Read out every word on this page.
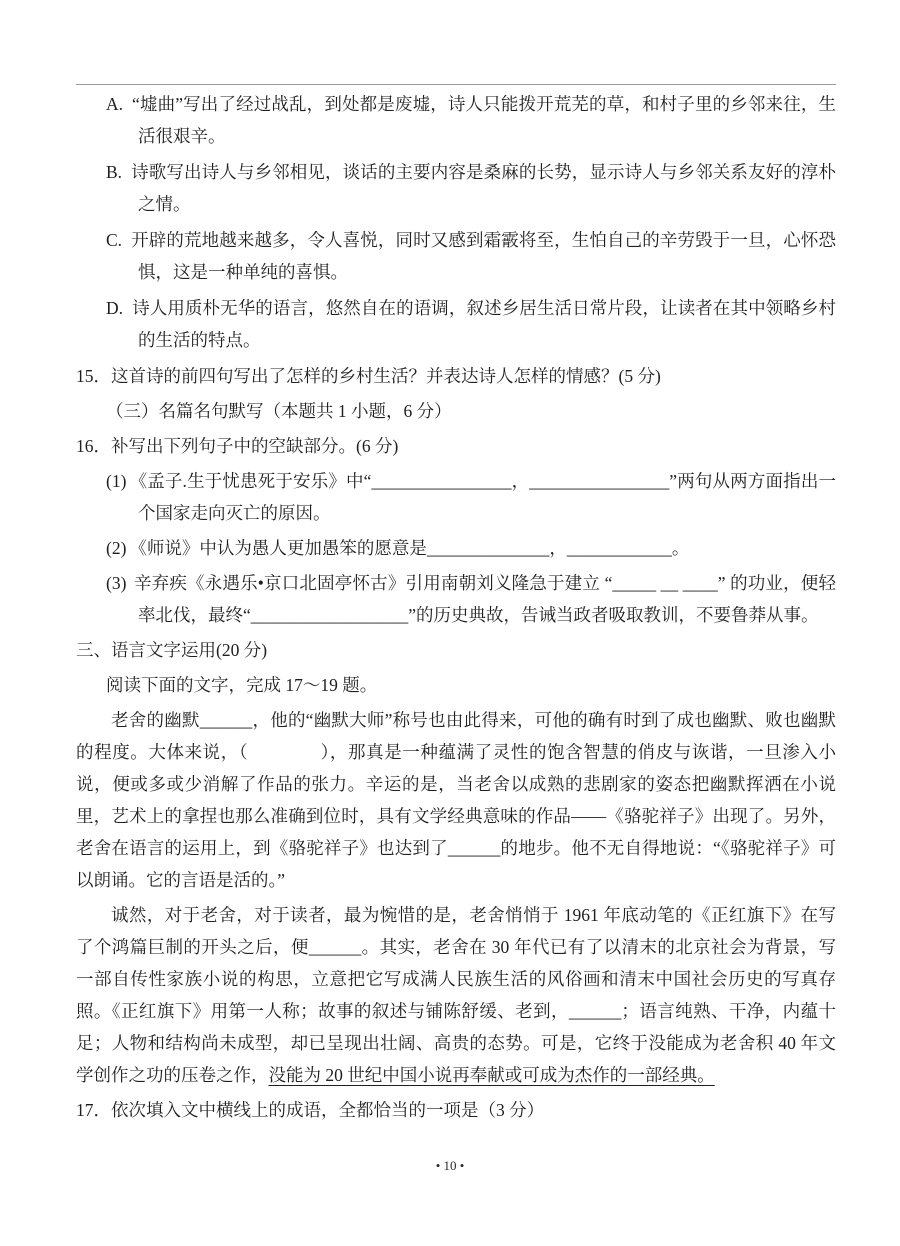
A. “墟曲”写出了经过战乱，到处都是废墟，诗人只能拨开荒芜的草，和村子里的乡邻来往，生活很艰辛。
B. 诗歌写出诗人与乡邻相见，谈话的主要内容是桑麻的长势，显示诗人与乡邻关系友好的淳朴之情。
C. 开辟的荒地越来越多，令人喜悦，同时又感到霜霰将至，生怕自己的辛劳毁于一旦，心怀恐惧，这是一种单纯的喜惧。
D. 诗人用质朴无华的语言，悠然自在的语调，叙述乡居生活日常片段，让读者在其中领略乡村的生活的特点。
15．这首诗的前四句写出了怎样的乡村生活？并表达诗人怎样的情感？(5 分)
（三）名篇名句默写（本题共 1 小题，6 分）
16．补写出下列句子中的空缺部分。(6 分)
(1) 《孟子.生于忧患死于安乐》中“________________，________________”两句从两方面指出一个国家走向灭亡的原因。
(2) 《师说》中认为愚人更加愚笨的愿意是______________，____________。
(3) 辛弃疾《永遇乐•京口北固亭怀古》引用南朝刘义隆急于建立 “_____ __ ____” 的功业，便轻率北伐，最终“__________________”的历史典故，告诫当政者吸取教训，不要鲁莽从事。
三、语言文字运用(20 分)
阅读下面的文字，完成 17～19 题。
老舍的幽默______，他的“幽默大师”称号也由此得来，可他的确有时到了成也幽默、败也幽默的程度。大体来说，（　　　　），那真是一种蕴满了灵性的饱含智慧的俏皮与诙谐，一旦渗入小说，便或多或少消解了作品的张力。辛运的是，当老舍以成熟的悲剧家的姿态把幽默挥洒在小说里，艺术上的拿捏也那么准确到位时，具有文学经典意味的作品——《骆驼祥子》出现了。另外，老舍在语言的运用上，到《骆驼祥子》也达到了______的地步。他不无自得地说：“《骆驼祥子》可以朗诵。它的言语是活的。”
诚然，对于老舍，对于读者，最为惋惜的是，老舍悄悄于 1961 年底动笔的《正红旗下》在写了个鸿篇巨制的开头之后，便______。其实，老舍在 30 年代已有了以清末的北京社会为背景，写一部自传性家族小说的构思，立意把它写成满人民族生活的风俗画和清末中国社会历史的写真存照。《正红旗下》用第一人称；故事的叙述与铺陈舒缓、老到，______；语言纯熟、干净，内蕴十足；人物和结构尚未成型，却已呈现出壮阔、高贵的态势。可是，它终于没能成为老舍积 40 年文学创作之功的压卷之作，没能为 20 世纪中国小说再奉献或可成为杰作的一部经典。
17．依次填入文中横线上的成语，全都恰当的一项是（3 分）
• 10 •
